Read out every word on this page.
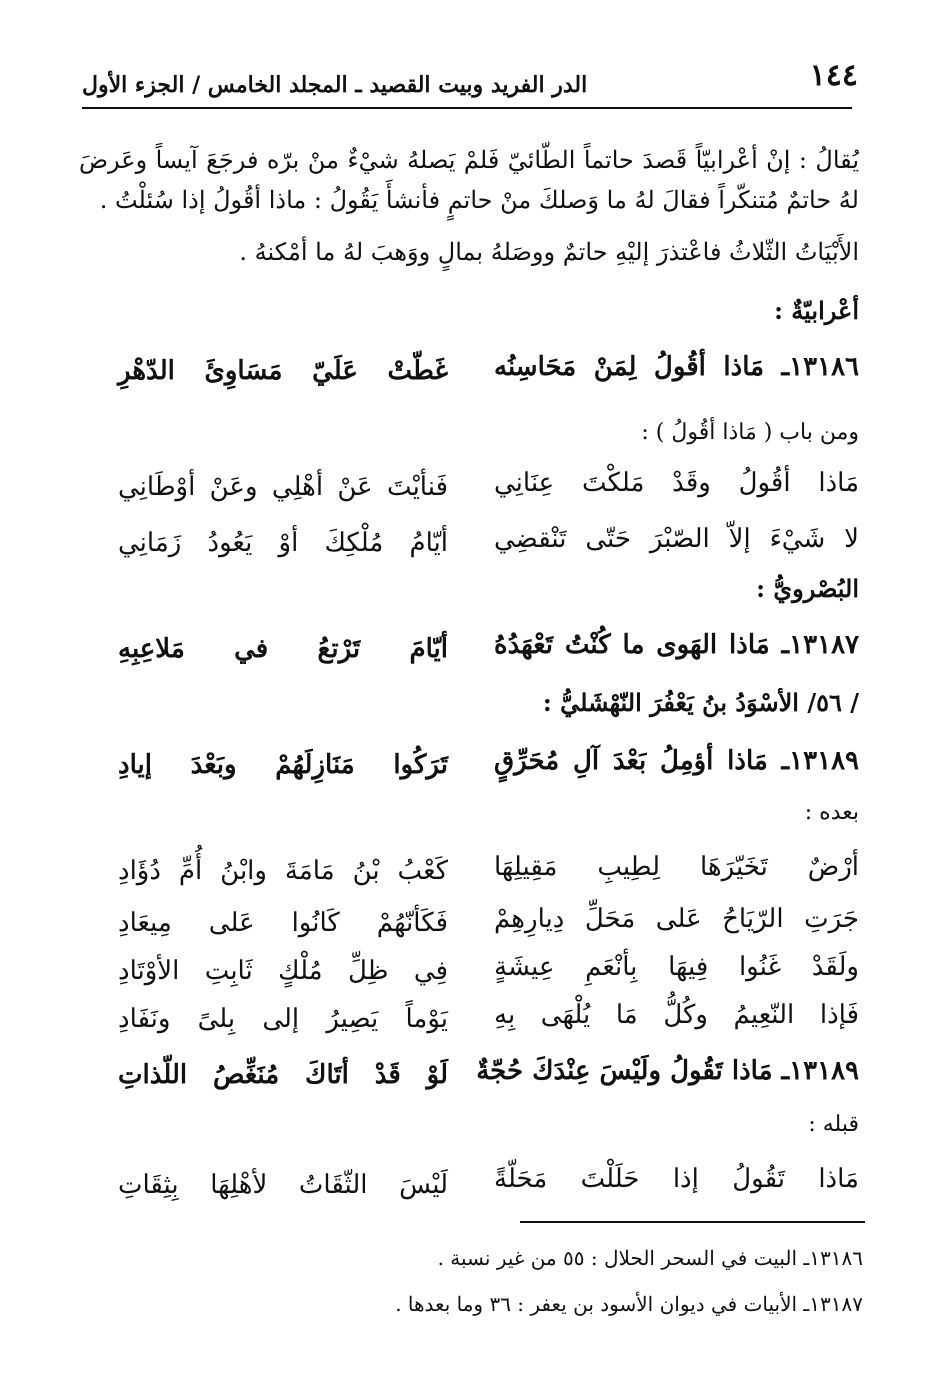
١٤٤
الدر الفريد وبيت القصيد ـ المجلد الخامس / الجزء الأول
يُقالُ : إنْ أعْرابيّاً قَصدَ حاتماً الطّائيّ فَلمْ يَصلهُ شيْءٌ منْ برّه فرجَعَ آيساً وعَرضَ لهُ حاتمٌ مُتنكّراً فقالَ لهُ ما وَصلكَ منْ حاتمٍ فأنشأَ يَقُولُ : ماذا أقُولُ إذا سُئلْتُ .
الأَبْيَاتُ الثّلاثُ فاعْتذرَ إليْهِ حاتمٌ ووصَلهُ بمالٍ ووَهبَ لهُ ما أمْكنهُ .
أعْرابيّةٌ :
١٣١٨٦ـ مَاذا أقُولُ لِمَنْ مَحَاسِنُه
غَطّتْ عَلَيّ مَسَاوِئَ الدّهْرِ
ومن باب ( مَاذا أقُولُ ) :
مَاذا أقُولُ وقَدْ مَلكْتَ عِنَانِي
فَنأيْتَ عَنْ أهْلِي وعَنْ أوْطَانِي
لا شَيْءَ إلاّ الصّبْرَ حَتّى تَنْقضِي
أيّامُ مُلْكِكَ أوْ يَعُودُ زَمَانِي
البُصْرويُّ :
١٣١٨٧ـ مَاذا الهَوى ما كُنْتُ تَعْهَدُهُ
أيّامَ تَرْتعُ في مَلاعِبِهِ
/ ٥٦/ الأسْوَدُ بنُ يَعْفُرَ النّهْشَليُّ :
١٣١٨٩ـ مَاذا أؤمِلُ بَعْدَ آلِ مُحَرِّقٍ
تَرَكُوا مَنَازِلَهُمْ وبَعْدَ إيادِ
بعده :
أرْضٌ تَخَيّرَهَا لِطِيبِ مَقِيلِهَا
كَعْبُ بْنُ مَامَةَ وابْنُ أُمِّ دُؤَادِ
جَرَتِ الرّيَاحُ عَلى مَحَلِّ دِيارِهِمْ
فَكَأنّهُمْ كَانُوا عَلى مِيعَادِ
ولَقَدْ غَنُوا فِيهَا بِأنْعَمِ عِيشَةٍ
فِي ظِلِّ مُلْكٍ ثَابِتِ الأوْتَادِ
فَإذا النّعِيمُ وكُلُّ مَا يُلْهَى بِهِ
يَوْماً يَصِيرُ إلى بِلىً ونَفَادِ
١٣١٨٩ـ مَاذا تَقُولُ ولَيْسَ عِنْدَكَ حُجّةٌ
لَوْ قَدْ أتَاكَ مُنَغِّصُ اللّذاتِ
قبله :
مَاذا تَقُولُ إذا حَلَلْتَ مَحَلّةً
لَيْسَ الثّقَاتُ لأهْلِهَا بِثِقَاتِ
١٣١٨٦ـ البيت في السحر الحلال : ٥٥ من غير نسبة .
١٣١٨٧ـ الأبيات في ديوان الأسود بن يعفر : ٣٦ وما بعدها .
